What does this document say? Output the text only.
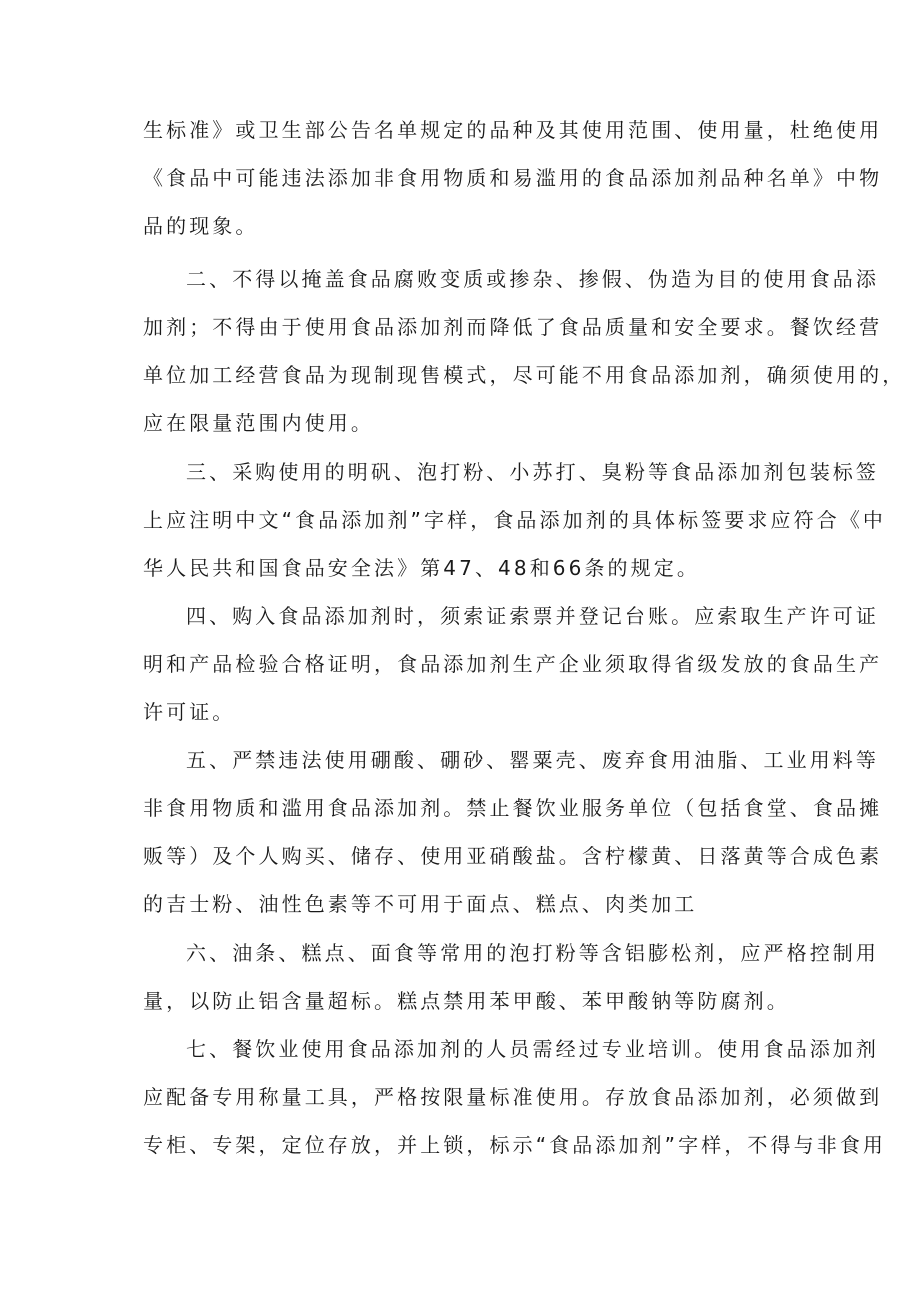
生标准》或卫生部公告名单规定的品种及其使用范围、使用量，杜绝使用
《食品中可能违法添加非食用物质和易滥用的食品添加剂品种名单》中物
品的现象。
二、不得以掩盖食品腐败变质或掺杂、掺假、伪造为目的使用食品添
加剂；不得由于使用食品添加剂而降低了食品质量和安全要求。餐饮经营
单位加工经营食品为现制现售模式，尽可能不用食品添加剂，确须使用的，
应在限量范围内使用。
三、采购使用的明矾、泡打粉、小苏打、臭粉等食品添加剂包装标签
上应注明中文“食品添加剂”字样，食品添加剂的具体标签要求应符合《中
华人民共和国食品安全法》第47、48和66条的规定。
四、购入食品添加剂时，须索证索票并登记台账。应索取生产许可证
明和产品检验合格证明，食品添加剂生产企业须取得省级发放的食品生产
许可证。
五、严禁违法使用硼酸、硼砂、罂粟壳、废弃食用油脂、工业用料等
非食用物质和滥用食品添加剂。禁止餐饮业服务单位（包括食堂、食品摊
贩等）及个人购买、储存、使用亚硝酸盐。含柠檬黄、日落黄等合成色素
的吉士粉、油性色素等不可用于面点、糕点、肉类加工
六、油条、糕点、面食等常用的泡打粉等含铝膨松剂，应严格控制用
量，以防止铝含量超标。糕点禁用苯甲酸、苯甲酸钠等防腐剂。
七、餐饮业使用食品添加剂的人员需经过专业培训。使用食品添加剂
应配备专用称量工具，严格按限量标准使用。存放食品添加剂，必须做到
专柜、专架，定位存放，并上锁，标示“食品添加剂”字样，不得与非食用
